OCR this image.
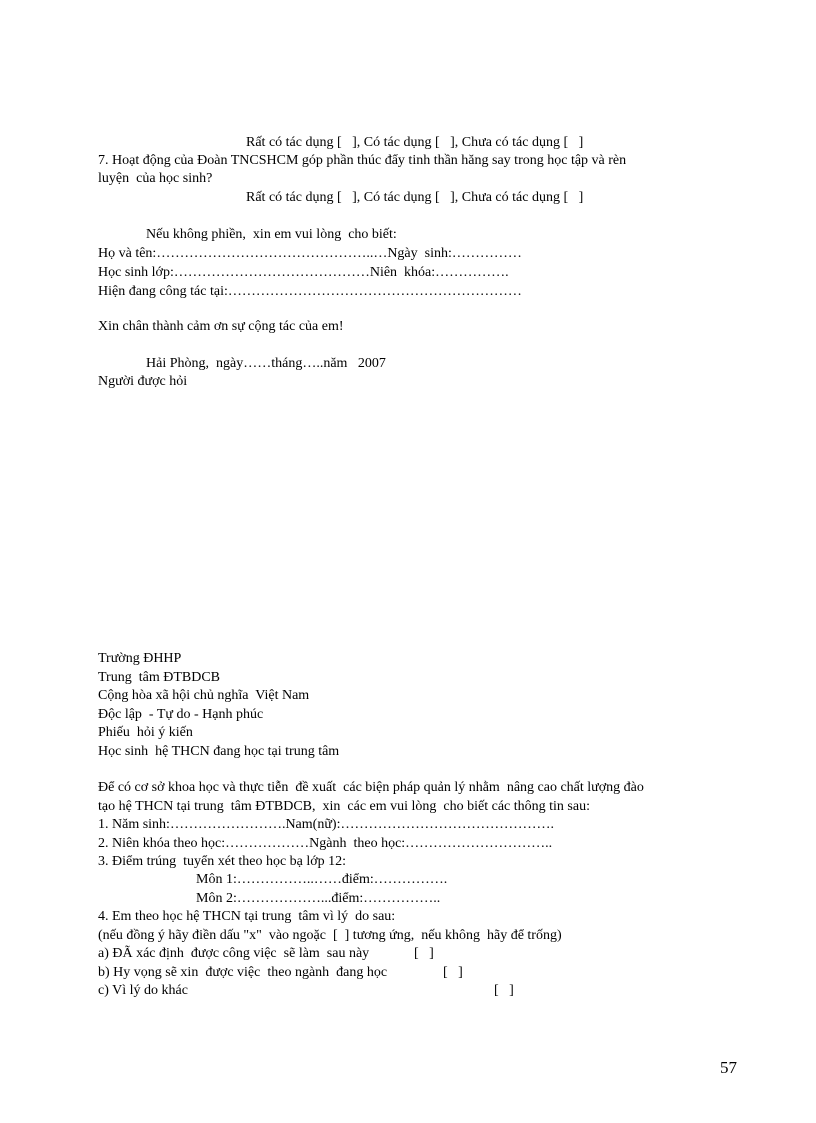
Rất có tác dụng [   ], Có tác dụng [   ], Chưa có tác dụng [   ]
7. Hoạt động của Đoàn TNCSHCM góp phần thúc đẩy tinh thần hăng say trong học tập và rèn
luyện  của học sinh?
Rất có tác dụng [   ], Có tác dụng [   ], Chưa có tác dụng [   ]
Nếu không phiền,  xin em vui lòng  cho biết:
Họ và tên:………………………………………..…Ngày  sinh:……………
Học sinh lớp:……………………………………Niên  khóa:…………….
Hiện đang công tác tại:………………………………………………………
Xin chân thành cảm ơn sự cộng tác của em!
Hải Phòng,  ngày……tháng…..năm   2007
Người được hỏi
Trường ĐHHP
Trung  tâm ĐTBDCB
Cộng hòa xã hội chủ nghĩa  Việt Nam
Độc lập  - Tự do - Hạnh phúc
Phiếu  hỏi ý kiến
Học sinh  hệ THCN đang học tại trung tâm
Để có cơ sở khoa học và thực tiễn  đề xuất  các biện pháp quản lý nhằm  nâng cao chất lượng đào
tạo hệ THCN tại trung  tâm ĐTBDCB,  xin  các em vui lòng  cho biết các thông tin sau:
1. Năm sinh:…………………….Nam(nữ):……………………………………….
2. Niên khóa theo học:………………Ngành  theo học:…………………………..
3. Điểm trúng  tuyển xét theo học bạ lớp 12:
Môn 1:……………..……điểm:…………….
Môn 2:………………...điểm:……………..
4. Em theo học hệ THCN tại trung  tâm vì lý  do sau:
(nếu đồng ý hãy điền dấu "x"  vào ngoặc  [  ] tương ứng,  nếu không  hãy để trống)
a) ĐÃ xác định  được công việc  sẽ làm  sau này	[   ]
b) Hy vọng sẽ xin  được việc  theo ngành  đang học	[   ]
c) Vì lý do khác	[   ]
57
